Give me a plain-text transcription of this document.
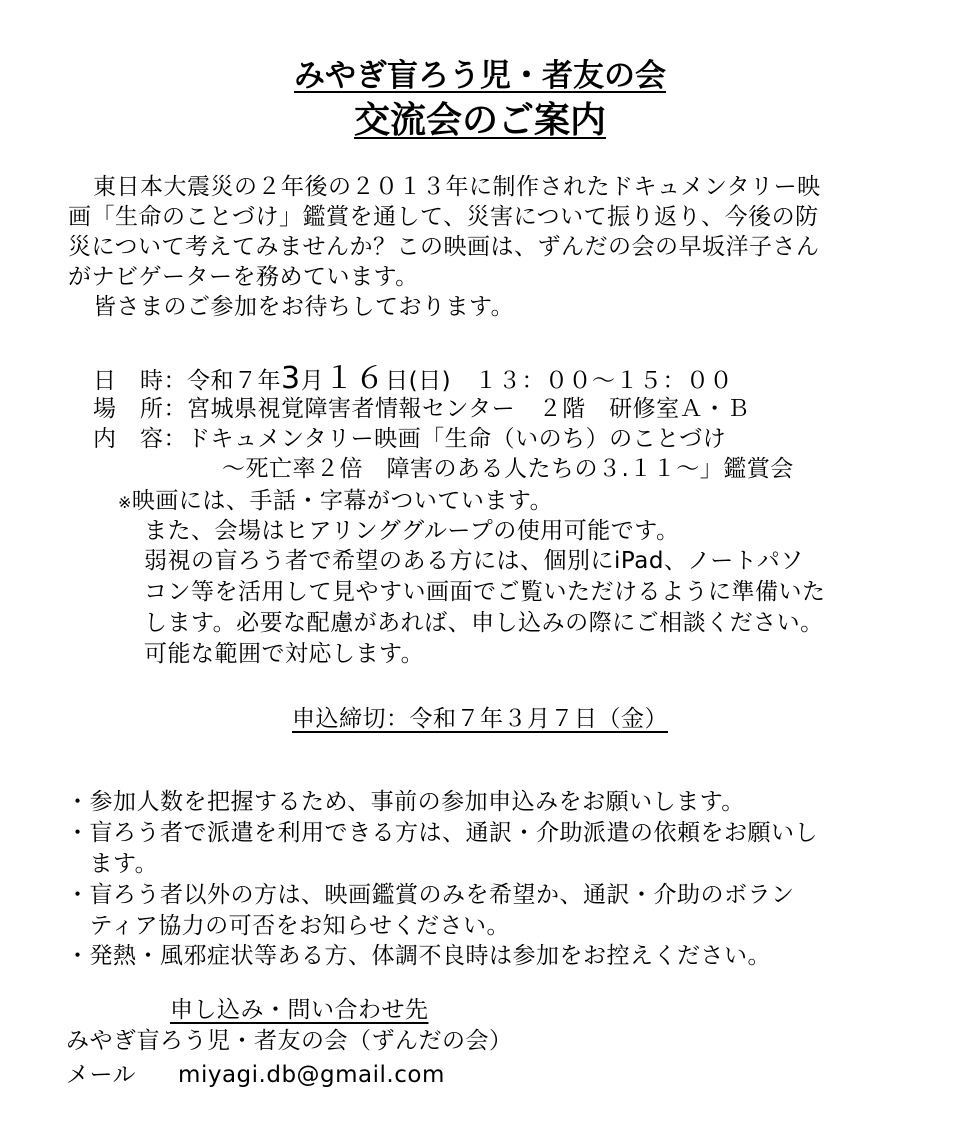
みやぎ盲ろう児・者友の会
交流会のご案内
東日本大震災の２年後の２０１３年に制作されたドキュメンタリー映
画「生命のことづけ」鑑賞を通して、災害について振り返り、今後の防
災について考えてみませんか？この映画は、ずんだの会の早坂洋子さん
がナビゲーターを務めています。
皆さまのご参加をお待ちしております。
日　時：令和７年3月１６日(日)　１３：００〜１５：００
場　所：宮城県視覚障害者情報センター　２階　研修室Ａ・Ｂ
内　容：ドキュメンタリー映画「生命（いのち）のことづけ
〜死亡率２倍　障害のある人たちの３.１１〜」鑑賞会
※映画には、手話・字幕がついています。
また、会場はヒアリンググループの使用可能です。
弱視の盲ろう者で希望のある方には、個別にiPad、ノートパソ
コン等を活用して見やすい画面でご覧いただけるように準備いた
します。必要な配慮があれば、申し込みの際にご相談ください。
可能な範囲で対応します。
申込締切：令和７年３月７日（金）
・参加人数を把握するため、事前の参加申込みをお願いします。
・盲ろう者で派遣を利用できる方は、通訳・介助派遣の依頼をお願いし
　ます。
・盲ろう者以外の方は、映画鑑賞のみを希望か、通訳・介助のボラン
　ティア協力の可否をお知らせください。
・発熱・風邪症状等ある方、体調不良時は参加をお控えください。
申し込み・問い合わせ先
みやぎ盲ろう児・者友の会（ずんだの会）
メール miyagi.db@gmail.com
